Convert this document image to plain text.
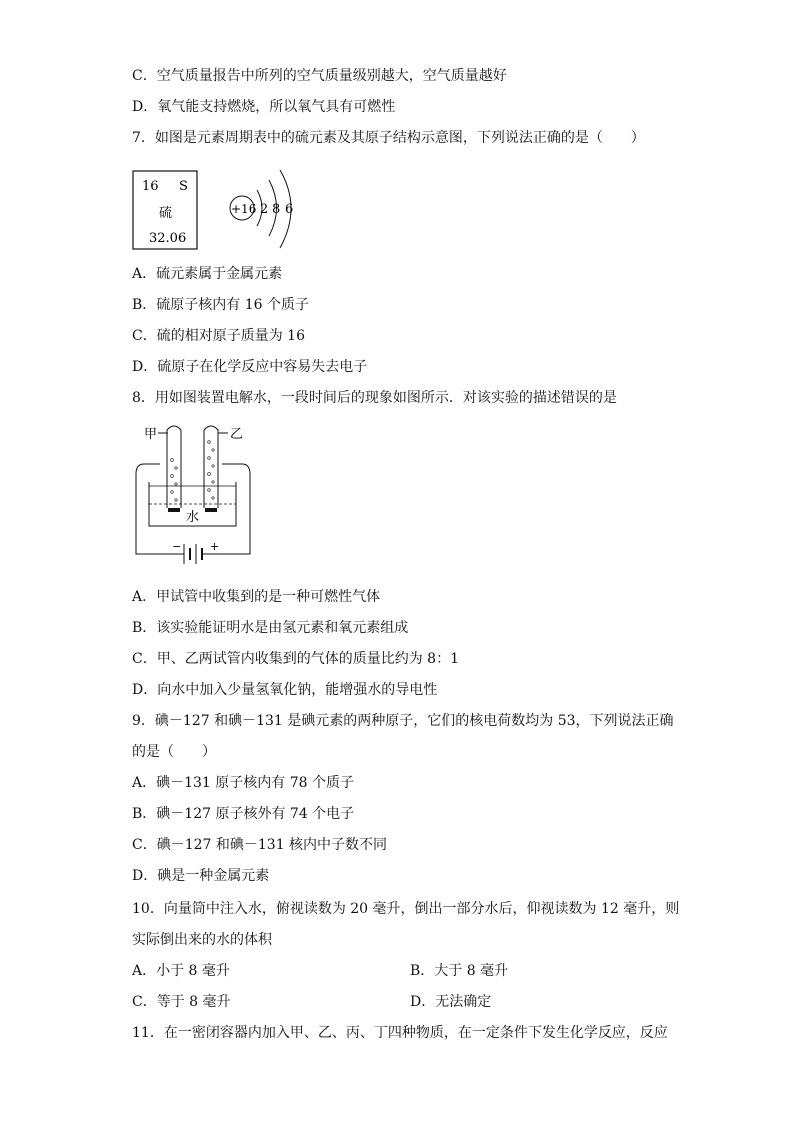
C．空气质量报告中所列的空气质量级别越大，空气质量越好
D．氧气能支持燃烧，所以氧气具有可燃性
7．如图是元素周期表中的硫元素及其原子结构示意图，下列说法正确的是（　　）
16 S
硫
32.06
+16 2 8 6
A．硫元素属于金属元素
B．硫原子核内有 16 个质子
C．硫的相对原子质量为 16
D．硫原子在化学反应中容易失去电子
8．用如图装置电解水，一段时间后的现象如图所示．对该实验的描述错误的是
甲	乙
水
−	+
A．甲试管中收集到的是一种可燃性气体
B．该实验能证明水是由氢元素和氧元素组成
C．甲、乙两试管内收集到的气体的质量比约为 8：1
D．向水中加入少量氢氧化钠，能增强水的导电性
9．碘－127 和碘－131 是碘元素的两种原子，它们的核电荷数均为 53，下列说法正确
的是（　　）
A．碘－131 原子核内有 78 个质子
B．碘－127 原子核外有 74 个电子
C．碘－127 和碘－131 核内中子数不同
D．碘是一种金属元素
10．向量筒中注入水，俯视读数为 20 毫升，倒出一部分水后，仰视读数为 12 毫升，则
实际倒出来的水的体积
A．小于 8 毫升	B．大于 8 毫升
C．等于 8 毫升	D．无法确定
11．在一密闭容器内加入甲、乙、丙、丁四种物质，在一定条件下发生化学反应，反应
